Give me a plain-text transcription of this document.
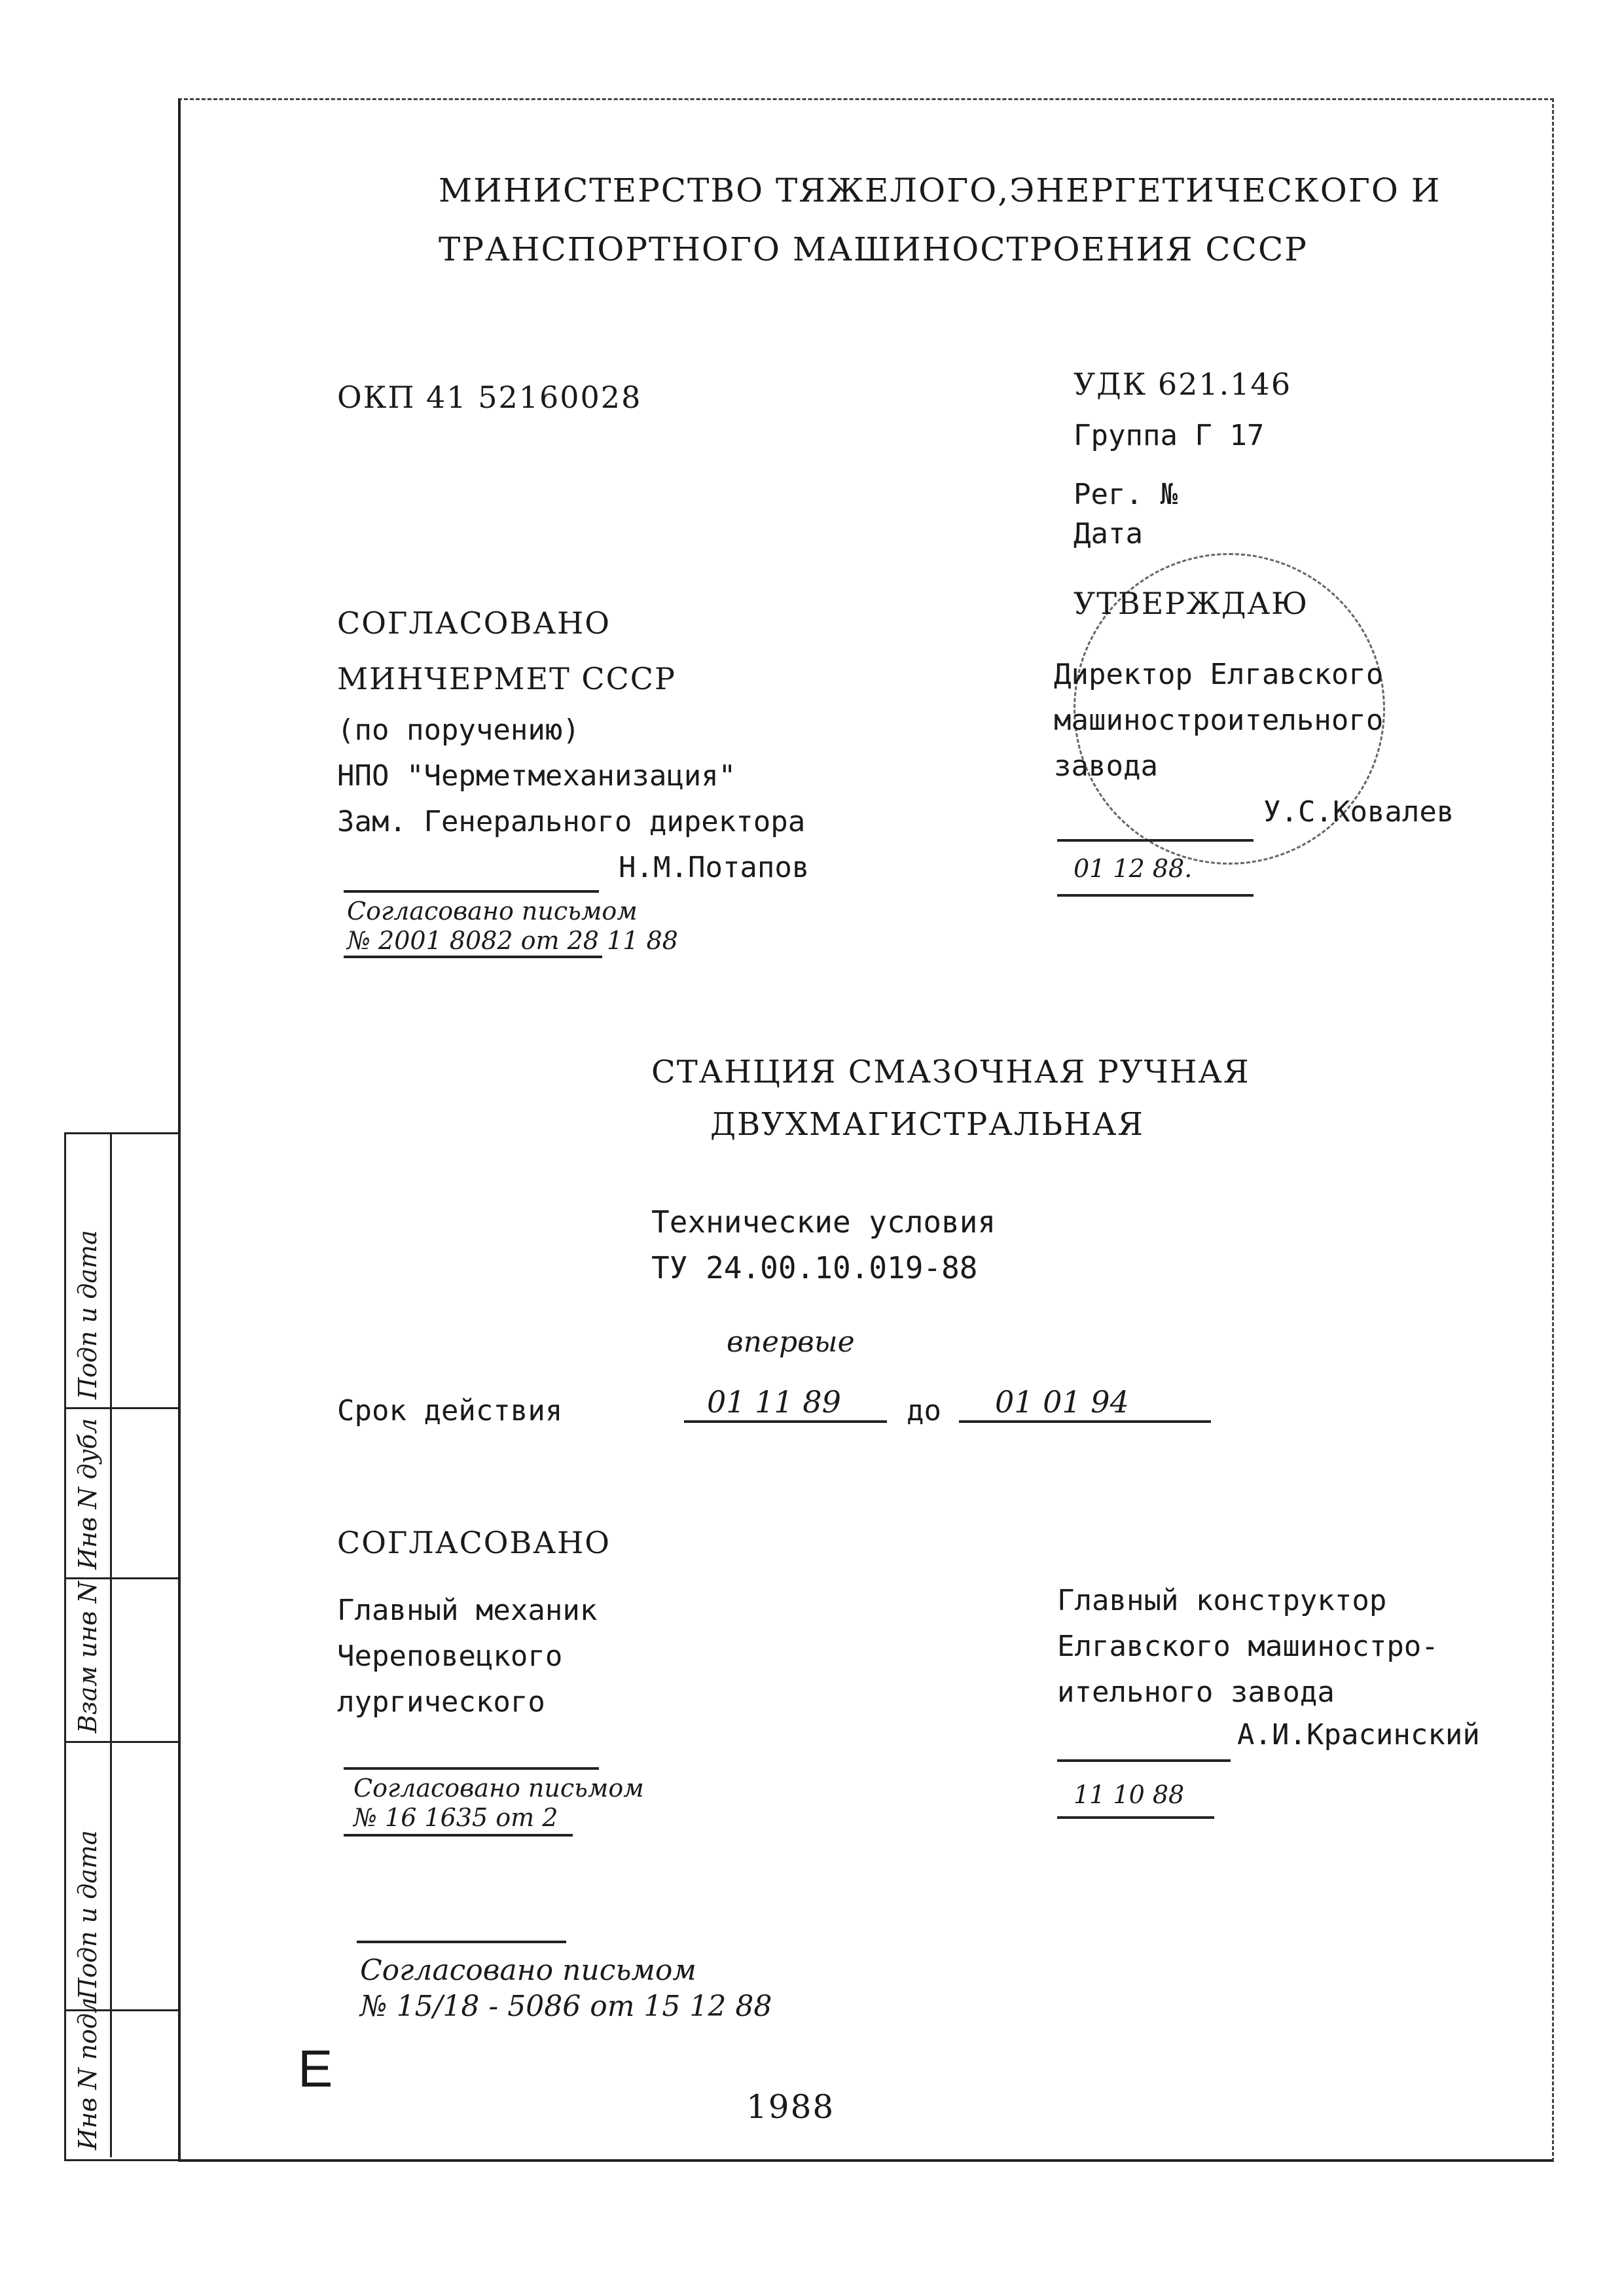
Инв N подл
Подп и дата
Взам инв N
Инв N дубл
Подп и дата
МИНИСТЕРСТВО ТЯЖЕЛОГО,ЭНЕРГЕТИЧЕСКОГО И
ТРАНСПОРТНОГО МАШИНОСТРОЕНИЯ СССР
ОКП 41 52160028	УДК 621.146
Группа Г 17
Рег. №
Дата
СОГЛАСОВАНО
МИНЧЕРМЕТ СССР
(по поручению)
НПО "Черметмеханизация"
Зам. Генерального директора
Н.М.Потапов
Согласовано письмом
№ 2001 8082 от 28 11 88
УТВЕРЖДАЮ
Директор Елгавского
машиностроительного
завода
У.С.Ковалев
01 12 88.
СТАНЦИЯ СМАЗОЧНАЯ РУЧНАЯ
ДВУХМАГИСТРАЛЬНАЯ
Технические условия
ТУ 24.00.10.019-88
впервые
Срок действия	01 11 89 до 01 01 94
СОГЛАСОВАНО
Главный механик
Череповецкого
лургического
Согласовано письмом
№ 16 1635 от 2
Главный конструктор
Елгавского машиностро-
ительного завода
А.И.Красинский
11 10 88
Согласовано письмом
№ 15/18 - 5086 от 15 12 88
Е
1988
